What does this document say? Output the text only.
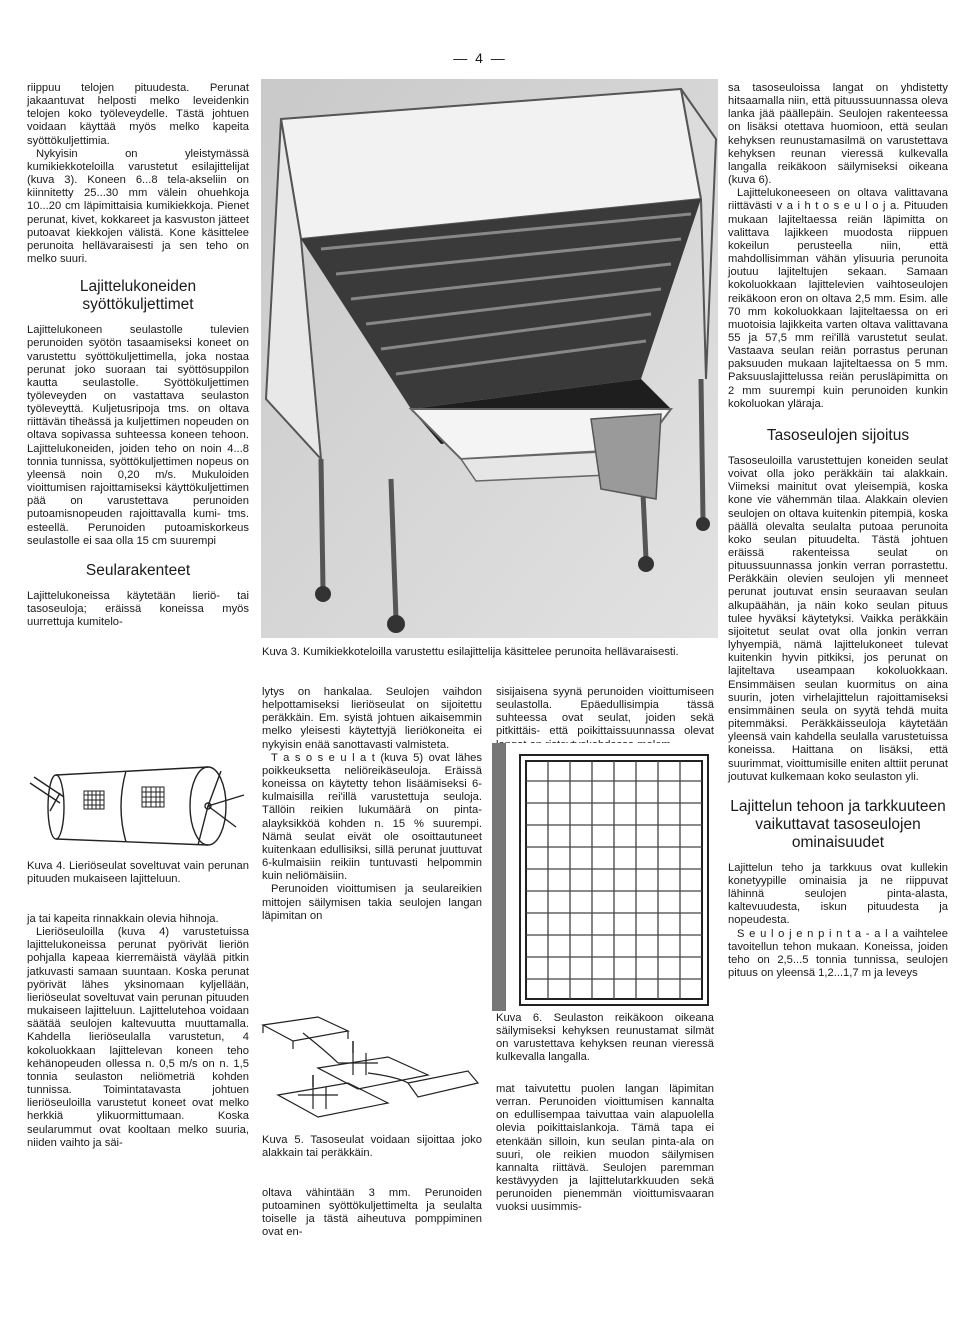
— 4 —

riippuu telojen pituudesta. Perunat jakaantuvat helposti melko leveidenkin telojen koko työleveydelle. Tästä johtuen voidaan käyttää myös melko kapeita syöttökuljettimia.

Nykyisin on yleistymässä kumikiekkoteloilla varustetut esilajittelijat (kuva 3). Koneen 6...8 tela-akseliin on kiinnitetty 25...30 mm välein ohuehkoja 10...20 cm läpimittaisia kumikiekkoja. Pienet perunat, kivet, kokkareet ja kasvuston jätteet putoavat kiekkojen välistä. Kone käsittelee perunoita hellävaraisesti ja sen teho on melko suuri.

Lajittelukoneiden syöttökuljettimet

Lajittelukoneen seulastolle tulevien perunoiden syötön tasaamiseksi koneet on varustettu syöttökuljettimella, joka nostaa perunat joko suoraan tai syöttösuppilon kautta seulastolle. Syöttökuljettimen työleveyden on vastattava seulaston työleveyttä. Kuljetusripoja tms. on oltava riittävän tiheässä ja kuljettimen nopeuden on oltava sopivassa suhteessa koneen tehoon. Lajittelukoneiden, joiden teho on noin 4...8 tonnia tunnissa, syöttökuljettimen nopeus on yleensä noin 0,20 m/s. Mukuloiden vioittumisen rajoittamiseksi käyttökuljettimen pää on varustettava perunoiden putoamisnopeuden rajoittavalla kumi- tms. esteellä. Perunoiden putoamiskorkeus seulastolle ei saa olla 15 cm suurempi

Seularakenteet

Lajittelukoneissa käytetään lieriö- tai tasoseuloja; eräissä koneissa myös uurrettuja kumitelo-

Kuva 4. Lieriöseulat soveltuvat vain perunan pituuden mukaiseen lajitteluun.

ja tai kapeita rinnakkain olevia hihnoja.

Lieriöseuloilla (kuva 4) varustetuissa lajittelukoneissa perunat pyörivät lieriön pohjalla kapeaa kierremäistä väylää pitkin jatkuvasti samaan suuntaan. Koska perunat pyörivät lähes yksinomaan kyljellään, lieriöseulat soveltuvat vain perunan pituuden mukaiseen lajitteluun. Lajittelutehoa voidaan säätää seulojen kaltevuutta muuttamalla. Kahdella lieriöseulalla varustetun, 4 kokoluokkaan lajittelevan koneen teho kehänopeuden ollessa n. 0,5 m/s on n. 1,5 tonnia seulaston neliömetriä kohden tunnissa. Toimintatavasta johtuen lieriöseuloilla varustetut koneet ovat melko herkkiä ylikuormittumaan. Koska seularummut ovat kooltaan melko suuria, niiden vaihto ja säi-

Kuva 3. Kumikiekkoteloilla varustettu esilajittelija käsittelee perunoita hellävaraisesti.

lytys on hankalaa. Seulojen vaihdon helpottamiseksi lieriöseulat on sijoitettu peräkkäin. Em. syistä johtuen aikaisemmin melko yleisesti käytettyjä lieriökoneita ei nykyisin enää sanottavasti valmisteta.

T a s o s e u l a t (kuva 5) ovat lähes poikkeuksetta neliöreikäseuloja. Eräissä koneissa on käytetty tehon lisäämiseksi 6-kulmaisilla rei'illä varustettuja seuloja. Tällöin reikien lukumäärä on pinta-alayksikköä kohden n. 15 % suurempi. Nämä seulat eivät ole osoittautuneet kuitenkaan edullisiksi, sillä perunat juuttuvat 6-kulmaisiin reikiin tuntuvasti helpommin kuin neliömäisiin.

Perunoiden vioittumisen ja seulareikien mittojen säilymisen takia seulojen langan läpimitan on

Kuva 5. Tasoseulat voidaan sijoittaa joko alakkain tai peräkkäin.

oltava vähintään 3 mm. Perunoiden putoaminen syöttökuljettimelta ja seulalta toiselle ja tästä aiheutuva pomppiminen ovat en-

sisijaisena syynä perunoiden vioittumiseen seulastolla. Epäedullisimpia tässä suhteessa ovat seulat, joiden sekä pitkittäis- että poikittaissuunnassa olevat

Kuva 6. Seulaston reikäkoon oikeana säilymiseksi kehyksen reunustamat silmät on varustettava kehyksen reunan vieressä kulkevalla langalla.

mat taivutettu puolen langan läpimitan verran. Perunoiden vioittumisen kannalta on edullisempaa taivuttaa vain alapuolella olevia poikittaislankoja. Tämä tapa ei etenkään silloin, kun seulan pinta-ala on suuri, ole reikien muodon säilymisen kannalta riittävä. Seulojen paremman kestävyyden ja lajittelutarkkuuden sekä perunoiden pienemmän vioittumisvaaran vuoksi uusimmis-

sa tasoseuloissa langat on yhdistetty hitsaamalla niin, että pituussuunnassa oleva lanka jää päällepäin. Seulojen rakenteessa on lisäksi otettava huomioon, että seulan kehyksen reunustamasilmä on varustettava kehyksen reunan vieressä kulkevalla langalla reikäkoon säilymiseksi oikeana (kuva 6).

Lajittelukoneeseen on oltava valittavana riittävästi v a i h t o s e u l o j a. Pituuden mukaan lajiteltaessa reiän läpimitta on valittava lajikkeen muodosta riippuen kokeilun perusteella niin, että mahdollisimman vähän ylisuuria perunoita joutuu lajiteltujen sekaan. Samaan kokoluokkaan lajittelevien vaihtoseulojen reikäkoon eron on oltava 2,5 mm. Esim. alle 70 mm kokoluokkaan lajiteltaessa on eri muotoisia lajikkeita varten oltava valittavana 55 ja 57,5 mm rei'illä varustetut seulat. Vastaava seulan reiän porrastus perunan paksuuden mukaan lajiteltaessa on 5 mm. Paksuuslajittelussa reiän perusläpimitta on 2 mm suurempi kuin perunoiden kunkin kokoluokan yläraja.

Tasoseulojen sijoitus

Tasoseuloilla varustettujen koneiden seulat voivat olla joko peräkkäin tai alakkain. Viimeksi mainitut ovat yleisempiä, koska kone vie vähemmän tilaa. Alakkain olevien seulojen on oltava kuitenkin pitempiä, koska päällä olevalta seulalta putoaa perunoita koko seulan pituudelta. Tästä johtuen eräissä rakenteissa seulat on pituussuunnassa jonkin verran porrastettu. Peräkkäin olevien seulojen yli menneet perunat joutuvat ensin seuraavan seulan alkupäähän, ja näin koko seulan pituus tulee hyväksi käytetyksi. Vaikka peräkkäin sijoitetut seulat ovat olla jonkin verran lyhyempiä, nämä lajittelukoneet tulevat kuitenkin hyvin pitkiksi, jos perunat on lajiteltava useampaan kokoluokkaan. Ensimmäisen seulan kuormitus on aina suurin, joten virhelajittelun rajoittamiseksi ensimmäinen seula on syytä tehdä muita pitemmäksi. Peräkkäisseuloja käytetään yleensä vain kahdella seulalla varustetuissa koneissa. Haittana on lisäksi, että suurimmat, vioittumisille eniten alttiit perunat joutuvat kulkemaan koko seulaston yli.

Lajittelun tehoon ja tarkkuuteen vaikuttavat tasoseulojen ominaisuudet

Lajittelun teho ja tarkkuus ovat kullekin konetyypille ominaisia ja ne riippuvat lähinnä seulojen pinta-alasta, kaltevuudesta, iskun pituudesta ja nopeudesta.

S e u l o j e n p i n t a - a l a vaihtelee tavoitellun tehon mukaan. Koneissa, joiden teho on 2,5...5 tonnia tunnissa, seulojen pituus on yleensä 1,2...1,7 m ja leveys
